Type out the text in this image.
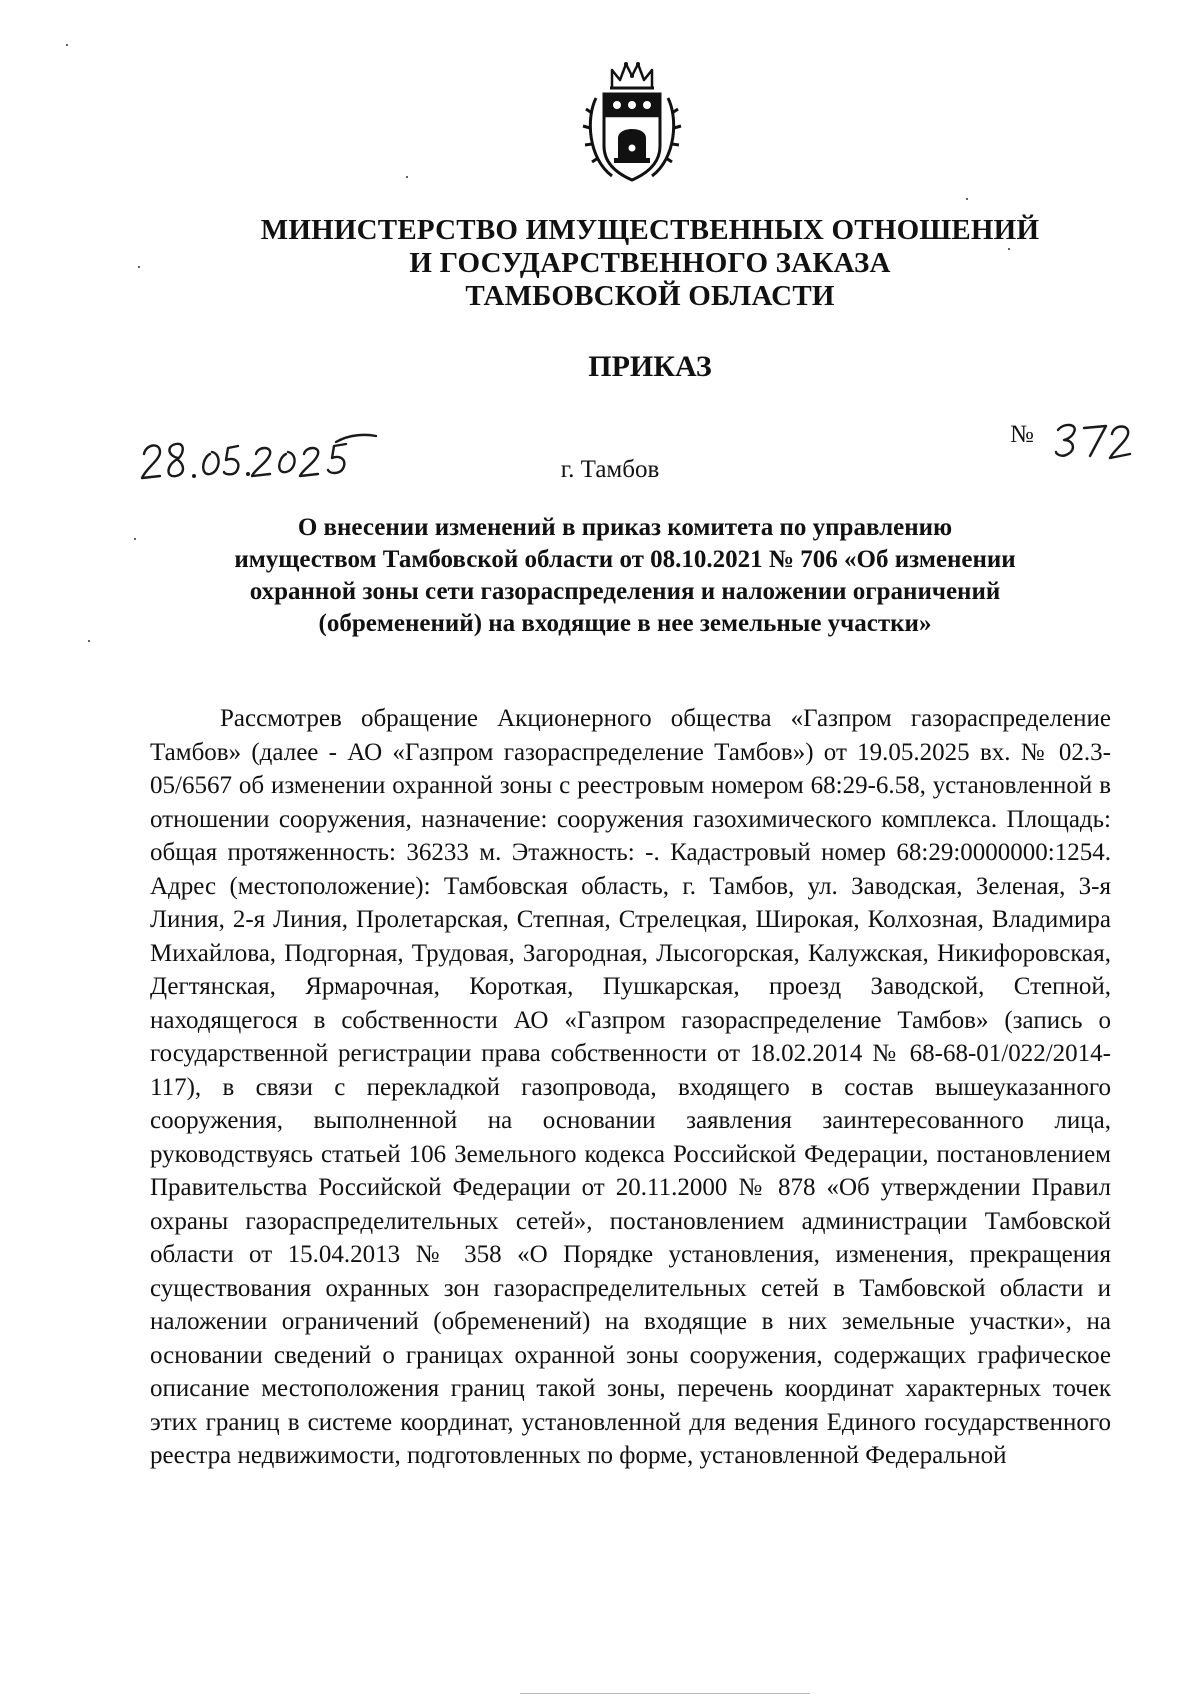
МИНИСТЕРСТВО ИМУЩЕСТВЕННЫХ ОТНОШЕНИЙ
И ГОСУДАРСТВЕННОГО ЗАКАЗА
ТАМБОВСКОЙ ОБЛАСТИ
ПРИКАЗ
г. Тамбов
№
О внесении изменений в приказ комитета по управлению
имуществом Тамбовской области от 08.10.2021 № 706 «Об изменении
охранной зоны сети газораспределения и наложении ограничений
(обременений) на входящие в нее земельные участки»

Рассмотрев обращение Акционерного общества «Газпром газораспределение Тамбов» (далее - АО «Газпром газораспределение Тамбов») от 19.05.2025 вх. № 02.3-05/6567 об изменении охранной зоны с реестровым номером 68:29-6.58, установленной в отношении сооружения, назначение: сооружения газохимического комплекса. Площадь: общая протяженность: 36233 м. Этажность: -. Кадастровый номер 68:29:0000000:1254. Адрес (местоположение): Тамбовская область, г. Тамбов, ул. Заводская, Зеленая, 3-я Линия, 2-я Линия, Пролетарская, Степная, Стрелецкая, Широкая, Колхозная, Владимира Михайлова, Подгорная, Трудовая, Загородная, Лысогорская, Калужская, Никифоровская, Дегтянская, Ярмарочная, Короткая, Пушкарская, проезд Заводской, Степной, находящегося в собственности АО «Газпром газораспределение Тамбов» (запись о государственной регистрации права собственности от 18.02.2014 № 68-68-01/022/2014-117), в связи с перекладкой газопровода, входящего в состав вышеуказанного сооружения, выполненной на основании заявления заинтересованного лица, руководствуясь статьей 106 Земельного кодекса Российской Федерации, постановлением Правительства Российской Федерации от 20.11.2000 № 878 «Об утверждении Правил охраны газораспределительных сетей», постановлением администрации Тамбовской области от 15.04.2013 № 358 «О Порядке установления, изменения, прекращения существования охранных зон газораспределительных сетей в Тамбовской области и наложении ограничений (обременений) на входящие в них земельные участки», на основании сведений о границах охранной зоны сооружения, содержащих графическое описание местоположения границ такой зоны, перечень координат характерных точек этих границ в системе координат, установленной для ведения Единого государственного реестра недвижимости, подготовленных по форме, установленной Федеральной
